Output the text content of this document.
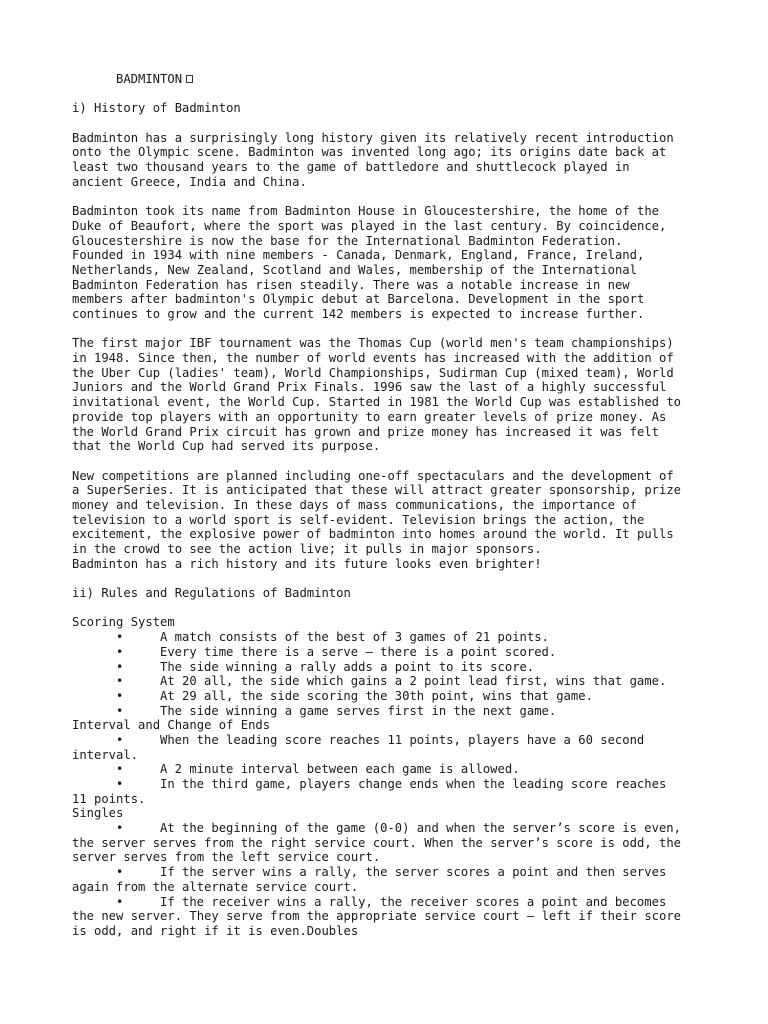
BADMINTON
i) History of Badminton
Badminton has a surprisingly long history given its relatively recent introduction
onto the Olympic scene. Badminton was invented long ago; its origins date back at
least two thousand years to the game of battledore and shuttlecock played in
ancient Greece, India and China.
Badminton took its name from Badminton House in Gloucestershire, the home of the
Duke of Beaufort, where the sport was played in the last century. By coincidence,
Gloucestershire is now the base for the International Badminton Federation.
Founded in 1934 with nine members - Canada, Denmark, England, France, Ireland,
Netherlands, New Zealand, Scotland and Wales, membership of the International
Badminton Federation has risen steadily. There was a notable increase in new
members after badminton's Olympic debut at Barcelona. Development in the sport
continues to grow and the current 142 members is expected to increase further.
The first major IBF tournament was the Thomas Cup (world men's team championships)
in 1948. Since then, the number of world events has increased with the addition of
the Uber Cup (ladies' team), World Championships, Sudirman Cup (mixed team), World
Juniors and the World Grand Prix Finals. 1996 saw the last of a highly successful
invitational event, the World Cup. Started in 1981 the World Cup was established to
provide top players with an opportunity to earn greater levels of prize money. As
the World Grand Prix circuit has grown and prize money has increased it was felt
that the World Cup had served its purpose.
New competitions are planned including one-off spectaculars and the development of
a SuperSeries. It is anticipated that these will attract greater sponsorship, prize
money and television. In these days of mass communications, the importance of
television to a world sport is self-evident. Television brings the action, the
excitement, the explosive power of badminton into homes around the world. It pulls
in the crowd to see the action live; it pulls in major sponsors.
Badminton has a rich history and its future looks even brighter!
ii) Rules and Regulations of Badminton
Scoring System
•	A match consists of the best of 3 games of 21 points.
•	Every time there is a serve – there is a point scored.
•	The side winning a rally adds a point to its score.
•	At 20 all, the side which gains a 2 point lead first, wins that game.
•	At 29 all, the side scoring the 30th point, wins that game.
•	The side winning a game serves first in the next game.
Interval and Change of Ends
•	When the leading score reaches 11 points, players have a 60 second
interval.
•	A 2 minute interval between each game is allowed.
•	In the third game, players change ends when the leading score reaches
11 points.
Singles
•	At the beginning of the game (0-0) and when the server’s score is even,
the server serves from the right service court. When the server’s score is odd, the
server serves from the left service court.
•	If the server wins a rally, the server scores a point and then serves
again from the alternate service court.
•	If the receiver wins a rally, the receiver scores a point and becomes
the new server. They serve from the appropriate service court – left if their score
is odd, and right if it is even.Doubles
